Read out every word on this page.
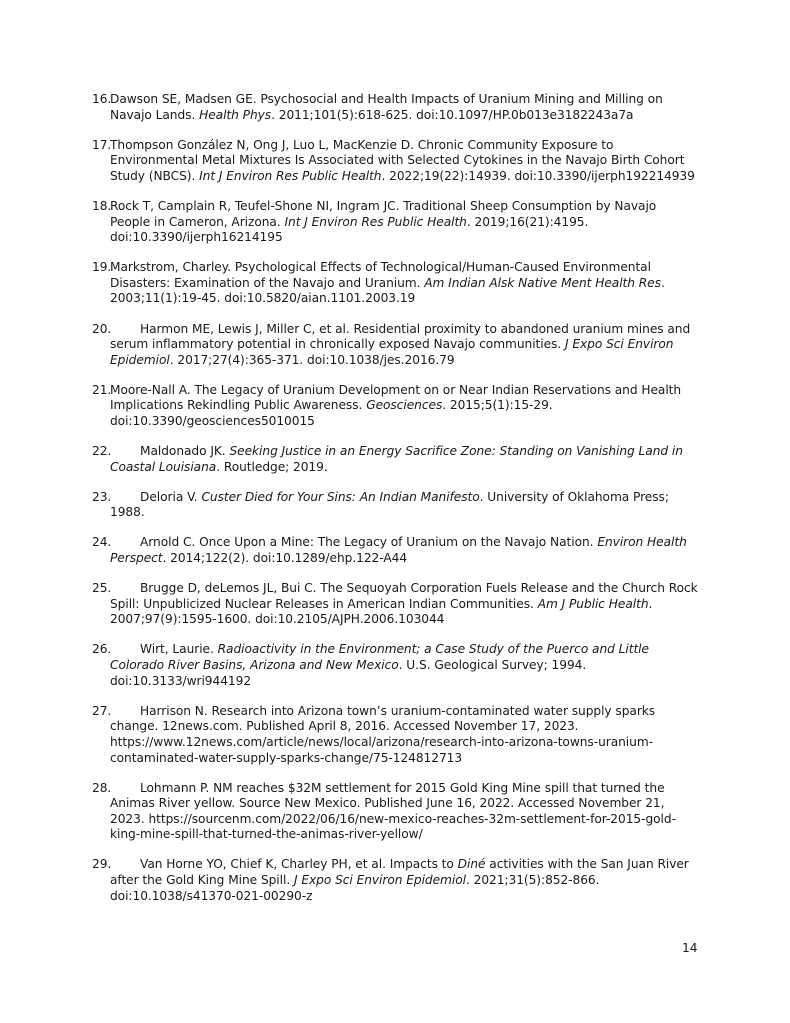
16.
Dawson SE, Madsen GE. Psychosocial and Health Impacts of Uranium Mining and Milling on Navajo Lands. Health Phys. 2011;101(5):618-625. doi:10.1097/HP.0b013e3182243a7a
17.
Thompson González N, Ong J, Luo L, MacKenzie D. Chronic Community Exposure to Environmental Metal Mixtures Is Associated with Selected Cytokines in the Navajo Birth Cohort Study (NBCS). Int J Environ Res Public Health. 2022;19(22):14939. doi:10.3390/ijerph192214939
18.
Rock T, Camplain R, Teufel-Shone NI, Ingram JC. Traditional Sheep Consumption by Navajo People in Cameron, Arizona. Int J Environ Res Public Health. 2019;16(21):4195. doi:10.3390/ijerph16214195
19.
Markstrom, Charley. Psychological Effects of Technological/Human-Caused Environmental Disasters: Examination of the Navajo and Uranium. Am Indian Alsk Native Ment Health Res. 2003;11(1):19-45. doi:10.5820/aian.1101.2003.19
20. Harmon ME, Lewis J, Miller C, et al. Residential proximity to abandoned uranium mines and serum inflammatory potential in chronically exposed Navajo communities. J Expo Sci Environ Epidemiol. 2017;27(4):365-371. doi:10.1038/jes.2016.79
21.
Moore-Nall A. The Legacy of Uranium Development on or Near Indian Reservations and Health Implications Rekindling Public Awareness. Geosciences. 2015;5(1):15-29. doi:10.3390/geosciences5010015
22. Maldonado JK. Seeking Justice in an Energy Sacrifice Zone: Standing on Vanishing Land in Coastal Louisiana. Routledge; 2019.
23. Deloria V. Custer Died for Your Sins: An Indian Manifesto. University of Oklahoma Press; 1988.
24. Arnold C. Once Upon a Mine: The Legacy of Uranium on the Navajo Nation. Environ Health Perspect. 2014;122(2). doi:10.1289/ehp.122-A44
25. Brugge D, deLemos JL, Bui C. The Sequoyah Corporation Fuels Release and the Church Rock Spill: Unpublicized Nuclear Releases in American Indian Communities. Am J Public Health. 2007;97(9):1595-1600. doi:10.2105/AJPH.2006.103044
26. Wirt, Laurie. Radioactivity in the Environment; a Case Study of the Puerco and Little Colorado River Basins, Arizona and New Mexico. U.S. Geological Survey; 1994. doi:10.3133/wri944192
27. Harrison N. Research into Arizona town’s uranium-contaminated water supply sparks change. 12news.com. Published April 8, 2016. Accessed November 17, 2023. https://www.12news.com/article/news/local/arizona/research-into-arizona-towns-uranium-contaminated-water-supply-sparks-change/75-124812713
28. Lohmann P. NM reaches $32M settlement for 2015 Gold King Mine spill that turned the Animas River yellow. Source New Mexico. Published June 16, 2022. Accessed November 21, 2023. https://sourcenm.com/2022/06/16/new-mexico-reaches-32m-settlement-for-2015-gold-king-mine-spill-that-turned-the-animas-river-yellow/
29. Van Horne YO, Chief K, Charley PH, et al. Impacts to Diné activities with the San Juan River after the Gold King Mine Spill. J Expo Sci Environ Epidemiol. 2021;31(5):852-866. doi:10.1038/s41370-021-00290-z
14
